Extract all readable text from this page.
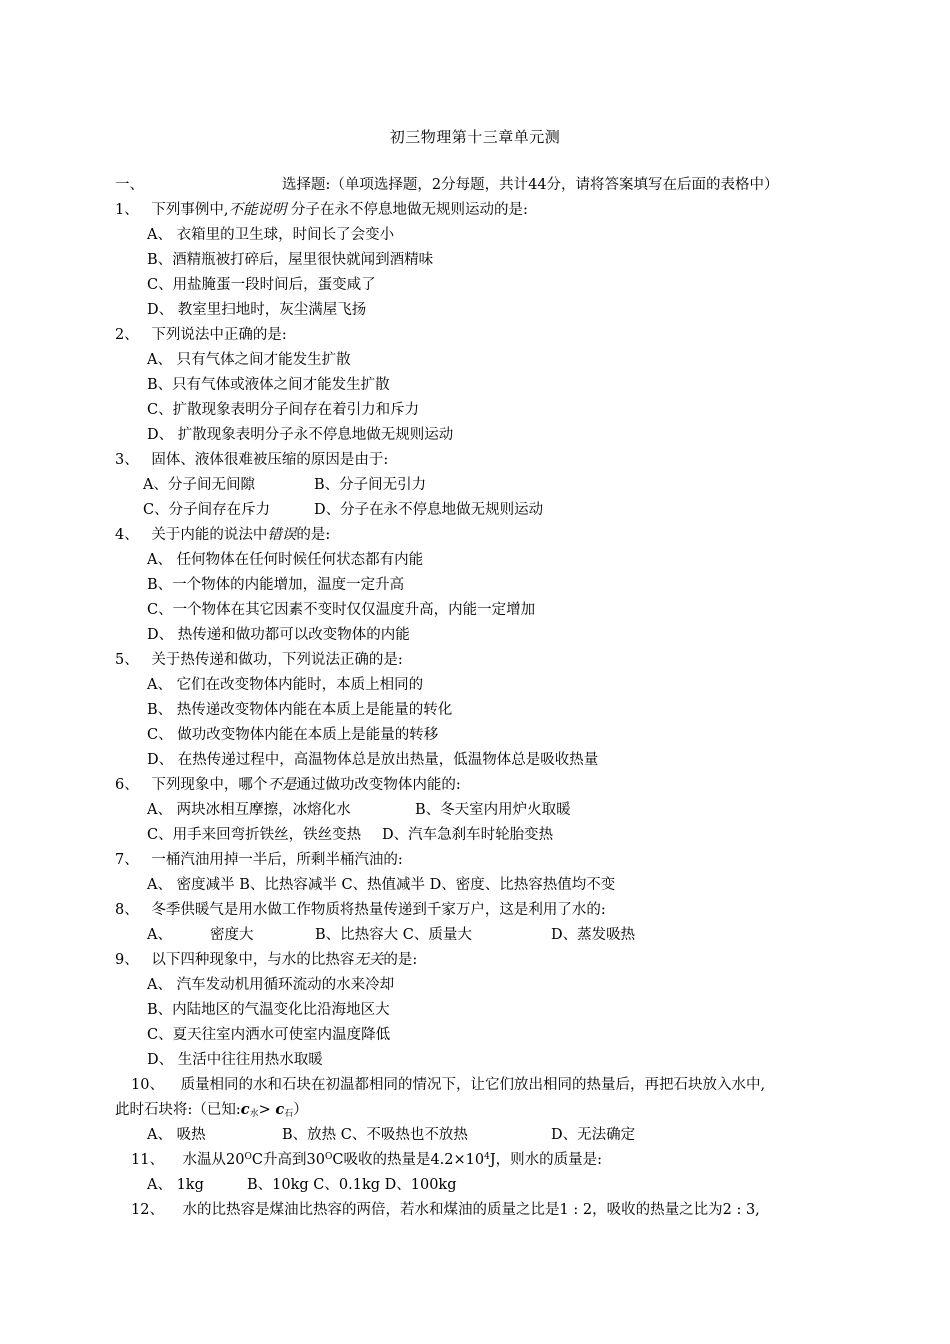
初三物理第十三章单元测
一、	选择题:（单项选择题，2分每题，共计44分，请将答案填写在后面的表格中）
1、 下列事例中,不能说明 分子在永不停息地做无规则运动的是:
A、 衣箱里的卫生球，时间长了会变小
B、酒精瓶被打碎后，屋里很快就闻到酒精味
C、用盐腌蛋一段时间后，蛋变咸了
D、 教室里扫地时，灰尘满屋飞扬
2、 下列说法中正确的是:
A、 只有气体之间才能发生扩散
B、只有气体或液体之间才能发生扩散
C、扩散现象表明分子间存在着引力和斥力
D、 扩散现象表明分子永不停息地做无规则运动
3、 固体、液体很难被压缩的原因是由于:
A、分子间无间隙	B、分子间无引力
C、分子间存在斥力	D、分子在永不停息地做无规则运动
4、 关于内能的说法中错误的是:
A、 任何物体在任何时候任何状态都有内能
B、一个物体的内能增加，温度一定升高
C、一个物体在其它因素不变时仅仅温度升高，内能一定增加
D、 热传递和做功都可以改变物体的内能
5、 关于热传递和做功，下列说法正确的是:
A、 它们在改变物体内能时，本质上相同的
B、 热传递改变物体内能在本质上是能量的转化
C、 做功改变物体内能在本质上是能量的转移
D、 在热传递过程中，高温物体总是放出热量，低温物体总是吸收热量
6、 下列现象中，哪个不是通过做功改变物体内能的:
A、 两块冰相互摩擦，冰熔化水	B、冬天室内用炉火取暖
C、用手来回弯折铁丝，铁丝变热 D、汽车急刹车时轮胎变热
7、 一桶汽油用掉一半后，所剩半桶汽油的:
A、 密度减半 B、比热容减半 C、热值减半 D、密度、比热容热值均不变
8、 冬季供暖气是用水做工作物质将热量传递到千家万户，这是利用了水的:
A、	密度大	B、比热容大 C、质量大	D、蒸发吸热
9、 以下四种现象中，与水的比热容无关的是:
A、 汽车发动机用循环流动的水来冷却
B、内陆地区的气温变化比沿海地区大
C、夏天往室内洒水可使室内温度降低
D、 生活中往往用热水取暖
10、 质量相同的水和石块在初温都相同的情况下，让它们放出相同的热量后，再把石块放入水中,
此时石块将:（已知$:c_水> c_石$）
A、 吸热	B、放热 C、不吸热也不放热	D、无法确定
11、 水温从$20^OC$升高到$30^OC$吸收的热量是$4.2\times 10^4J$，则水的质量是:
A、 1kg	B、10kg C、0.1kg D、100kg
12、 水的比热容是煤油比热容的两倍，若水和煤油的质量之比是1 : 2，吸收的热量之比为2 : 3,
